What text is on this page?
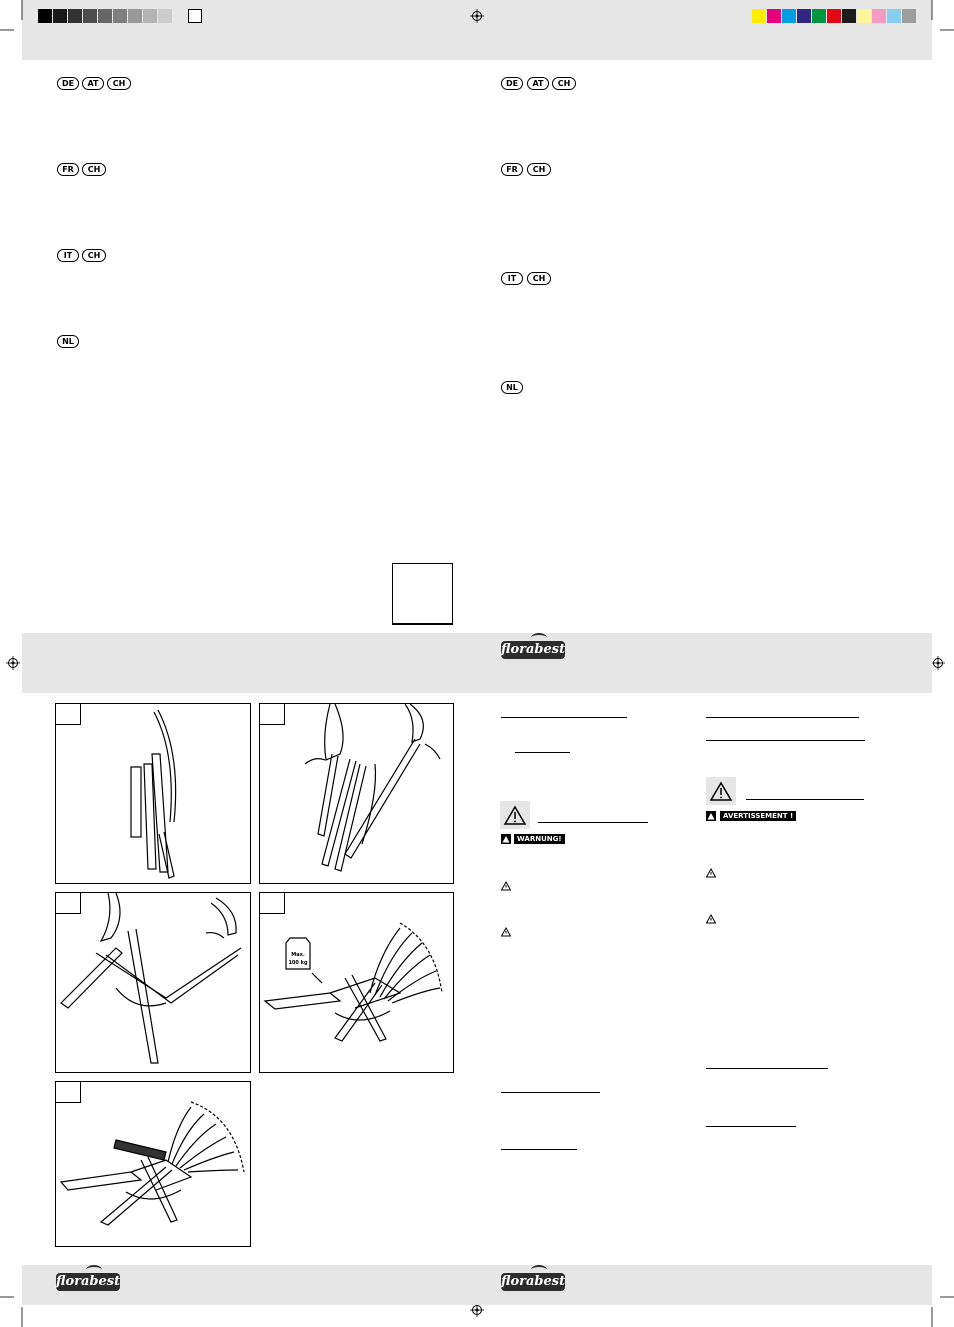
DE	AT	CH
FR	CH
IT	CH
NL
DE	AT	CH
FR	CH
IT	CH
NL
florabest
florabest	florabest
Max.
100 kg
WARNUNG!
AVERTISSEMENT !
